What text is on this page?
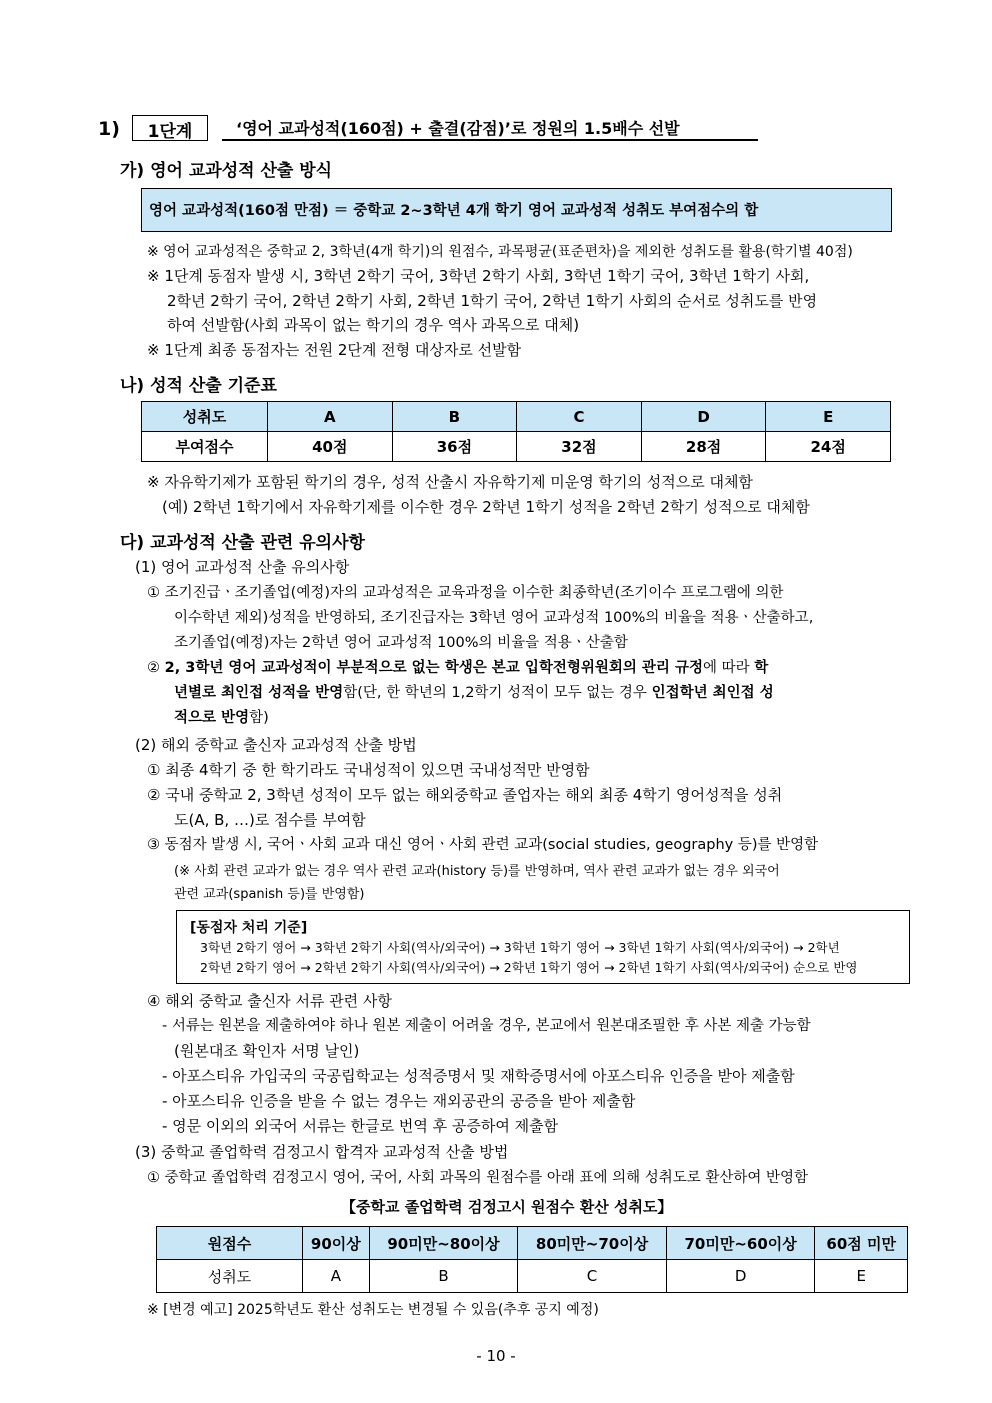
1)	1단계	‘영어 교과성적(160점) + 출결(감점)’로 정원의 1.5배수 선발
가) 영어 교과성적 산출 방식
영어 교과성적(160점 만점) ＝ 중학교 2~3학년 4개 학기 영어 교과성적 성취도 부여점수의 합
※ 영어 교과성적은 중학교 2, 3학년(4개 학기)의 원점수, 과목평균(표준편차)을 제외한 성취도를 활용(학기별 40점)
※ 1단계 동점자 발생 시, 3학년 2학기 국어, 3학년 2학기 사회, 3학년 1학기 국어, 3학년 1학기 사회,
2학년 2학기 국어, 2학년 2학기 사회, 2학년 1학기 국어, 2학년 1학기 사회의 순서로 성취도를 반영
하여 선발함(사회 과목이 없는 학기의 경우 역사 과목으로 대체)
※ 1단계 최종 동점자는 전원 2단계 전형 대상자로 선발함
나) 성적 산출 기준표
성취도	A	B	C	D	E
부여점수	40점	36점	32점	28점	24점
※ 자유학기제가 포함된 학기의 경우, 성적 산출시 자유학기제 미운영 학기의 성적으로 대체함
(예) 2학년 1학기에서 자유학기제를 이수한 경우 2학년 1학기 성적을 2학년 2학기 성적으로 대체함
다) 교과성적 산출 관련 유의사항
(1) 영어 교과성적 산출 유의사항
① 조기진급ㆍ조기졸업(예정)자의 교과성적은 교육과정을 이수한 최종학년(조기이수 프로그램에 의한
이수학년 제외)성적을 반영하되, 조기진급자는 3학년 영어 교과성적 100%의 비율을 적용ㆍ산출하고,
조기졸업(예정)자는 2학년 영어 교과성적 100%의 비율을 적용ㆍ산출함
② 2, 3학년 영어 교과성적이 부분적으로 없는 학생은 본교 입학전형위원회의 관리 규정에 따라 학
년별로 최인접 성적을 반영함(단, 한 학년의 1,2학기 성적이 모두 없는 경우 인접학년 최인접 성
적으로 반영함)
(2) 해외 중학교 출신자 교과성적 산출 방법
① 최종 4학기 중 한 학기라도 국내성적이 있으면 국내성적만 반영함
② 국내 중학교 2, 3학년 성적이 모두 없는 해외중학교 졸업자는 해외 최종 4학기 영어성적을 성취
도(A, B, …)로 점수를 부여함
③ 동점자 발생 시, 국어ㆍ사회 교과 대신 영어ㆍ사회 관련 교과(social studies, geography 등)를 반영함
(※ 사회 관련 교과가 없는 경우 역사 관련 교과(history 등)를 반영하며, 역사 관련 교과가 없는 경우 외국어
관련 교과(spanish 등)를 반영함)
[동점자 처리 기준]
3학년 2학기 영어 → 3학년 2학기 사회(역사/외국어) → 3학년 1학기 영어 → 3학년 1학기 사회(역사/외국어) → 2학년
2학년 2학기 영어 → 2학년 2학기 사회(역사/외국어) → 2학년 1학기 영어 → 2학년 1학기 사회(역사/외국어) 순으로 반영
④ 해외 중학교 출신자 서류 관련 사항
- 서류는 원본을 제출하여야 하나 원본 제출이 어려울 경우, 본교에서 원본대조필한 후 사본 제출 가능함
(원본대조 확인자 서명 날인)
- 아포스티유 가입국의 국공립학교는 성적증명서 및 재학증명서에 아포스티유 인증을 받아 제출함
- 아포스티유 인증을 받을 수 없는 경우는 재외공관의 공증을 받아 제출함
- 영문 이외의 외국어 서류는 한글로 번역 후 공증하여 제출함
(3) 중학교 졸업학력 검정고시 합격자 교과성적 산출 방법
① 중학교 졸업학력 검정고시 영어, 국어, 사회 과목의 원점수를 아래 표에 의해 성취도로 환산하여 반영함
【중학교 졸업학력 검정고시 원점수 환산 성취도】
원점수	90이상	90미만~80이상	80미만~70이상	70미만~60이상	60점 미만
성취도	A	B	C	D	E
※ [변경 예고] 2025학년도 환산 성취도는 변경될 수 있음(추후 공지 예정)
- 10 -
